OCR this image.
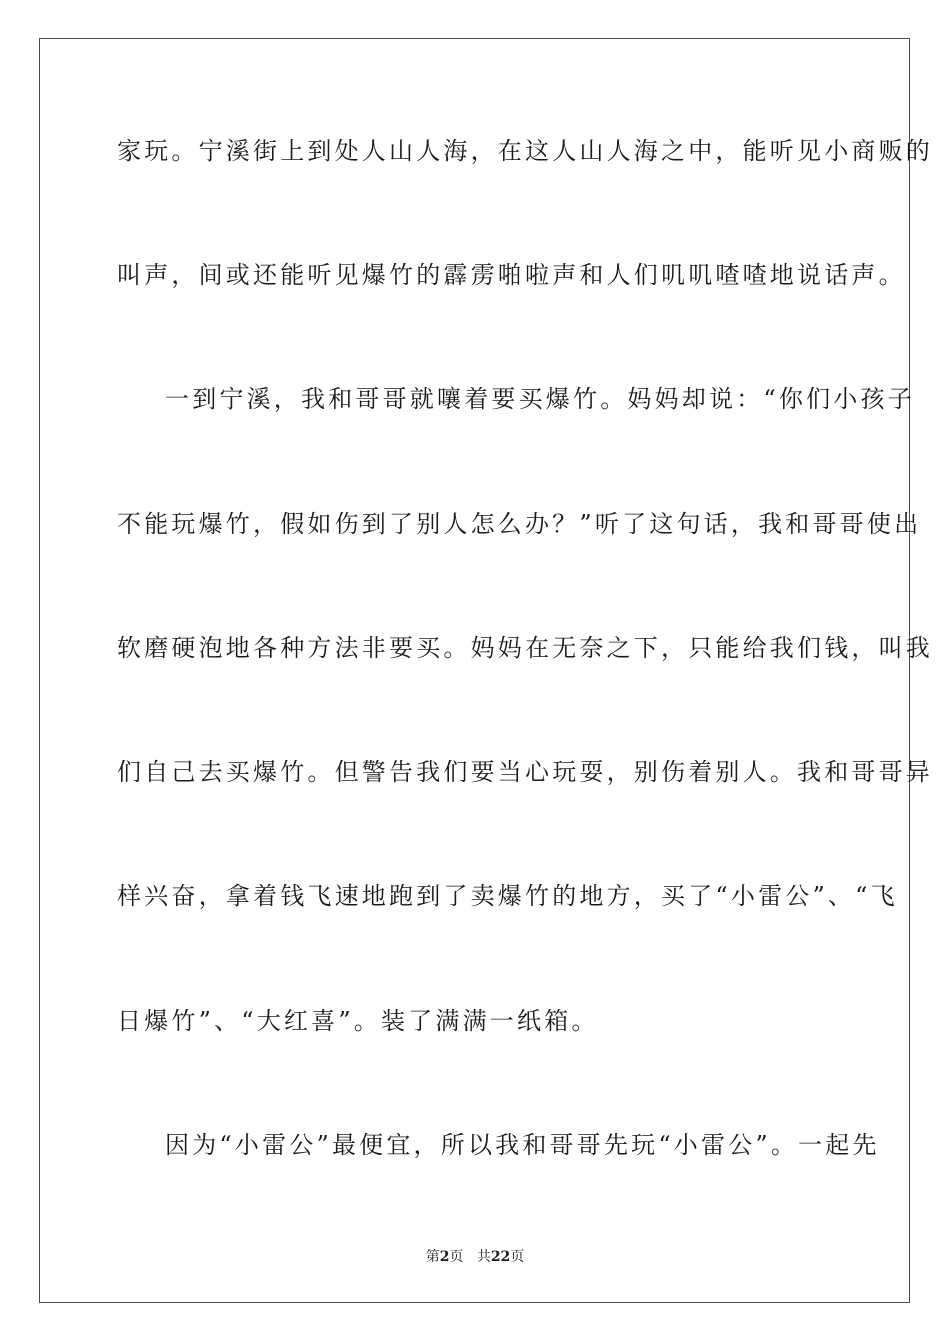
家玩。宁溪街上到处人山人海，在这人山人海之中，能听见小商贩的
叫声，间或还能听见爆竹的霹雳啪啦声和人们叽叽喳喳地说话声。
一到宁溪，我和哥哥就嚷着要买爆竹。妈妈却说：“你们小孩子
不能玩爆竹，假如伤到了别人怎么办？”听了这句话，我和哥哥使出
软磨硬泡地各种方法非要买。妈妈在无奈之下，只能给我们钱，叫我
们自己去买爆竹。但警告我们要当心玩耍，别伤着别人。我和哥哥异
样兴奋，拿着钱飞速地跑到了卖爆竹的地方，买了“小雷公”、“飞
日爆竹”、“大红喜”。装了满满一纸箱。
因为“小雷公”最便宜，所以我和哥哥先玩“小雷公”。一起先
第2页 共22页
